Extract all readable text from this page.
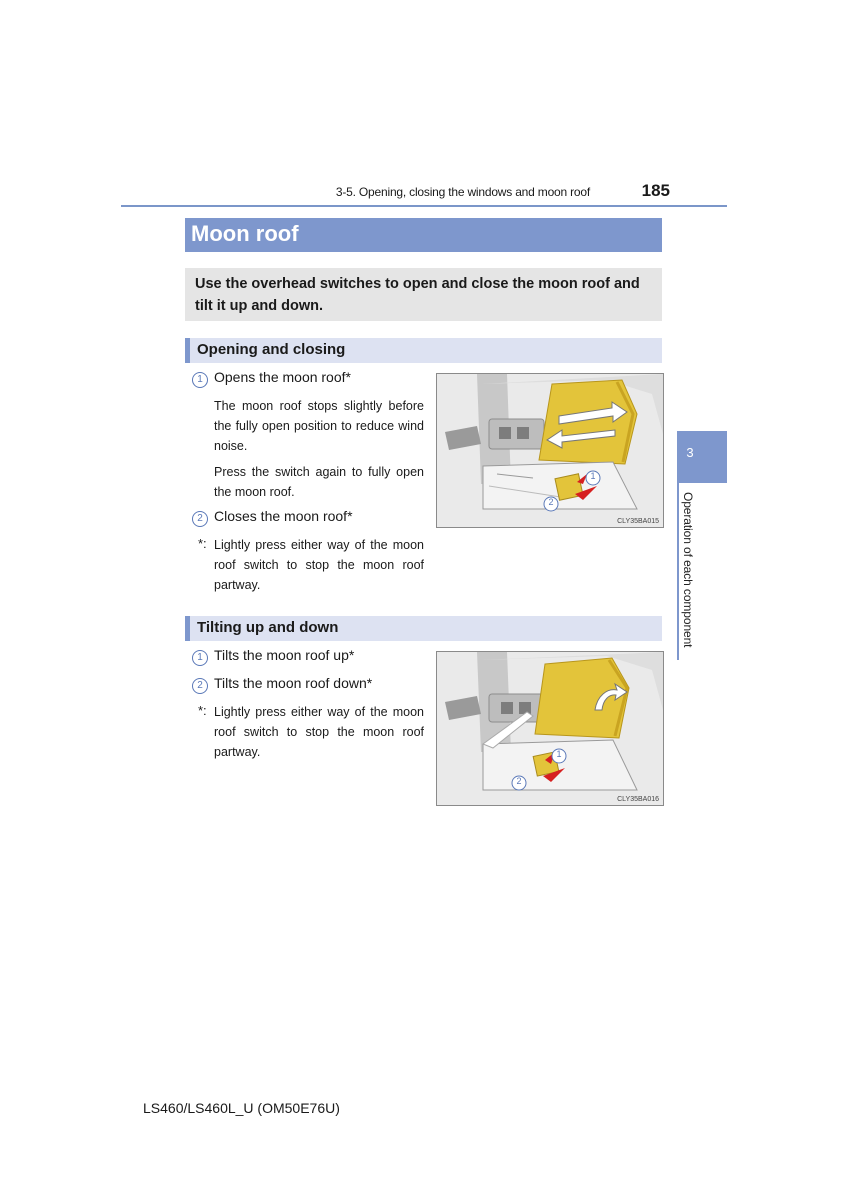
3-5. Opening, closing the windows and moon roof	185
Moon roof
Use the overhead switches to open and close the moon roof and tilt it up and down.
Opening and closing
1 Opens the moon roof*
The moon roof stops slightly before the fully open position to reduce wind noise.
Press the switch again to fully open the moon roof.
2 Closes the moon roof*
*: Lightly press either way of the moon roof switch to stop the moon roof partway.
1
2
CLY35BA015
Tilting up and down
1 Tilts the moon roof up*
2 Tilts the moon roof down*
*: Lightly press either way of the moon roof switch to stop the moon roof partway.	1
2
CLY35BA016
3
Operation of each component
LS460/LS460L_U (OM50E76U)
